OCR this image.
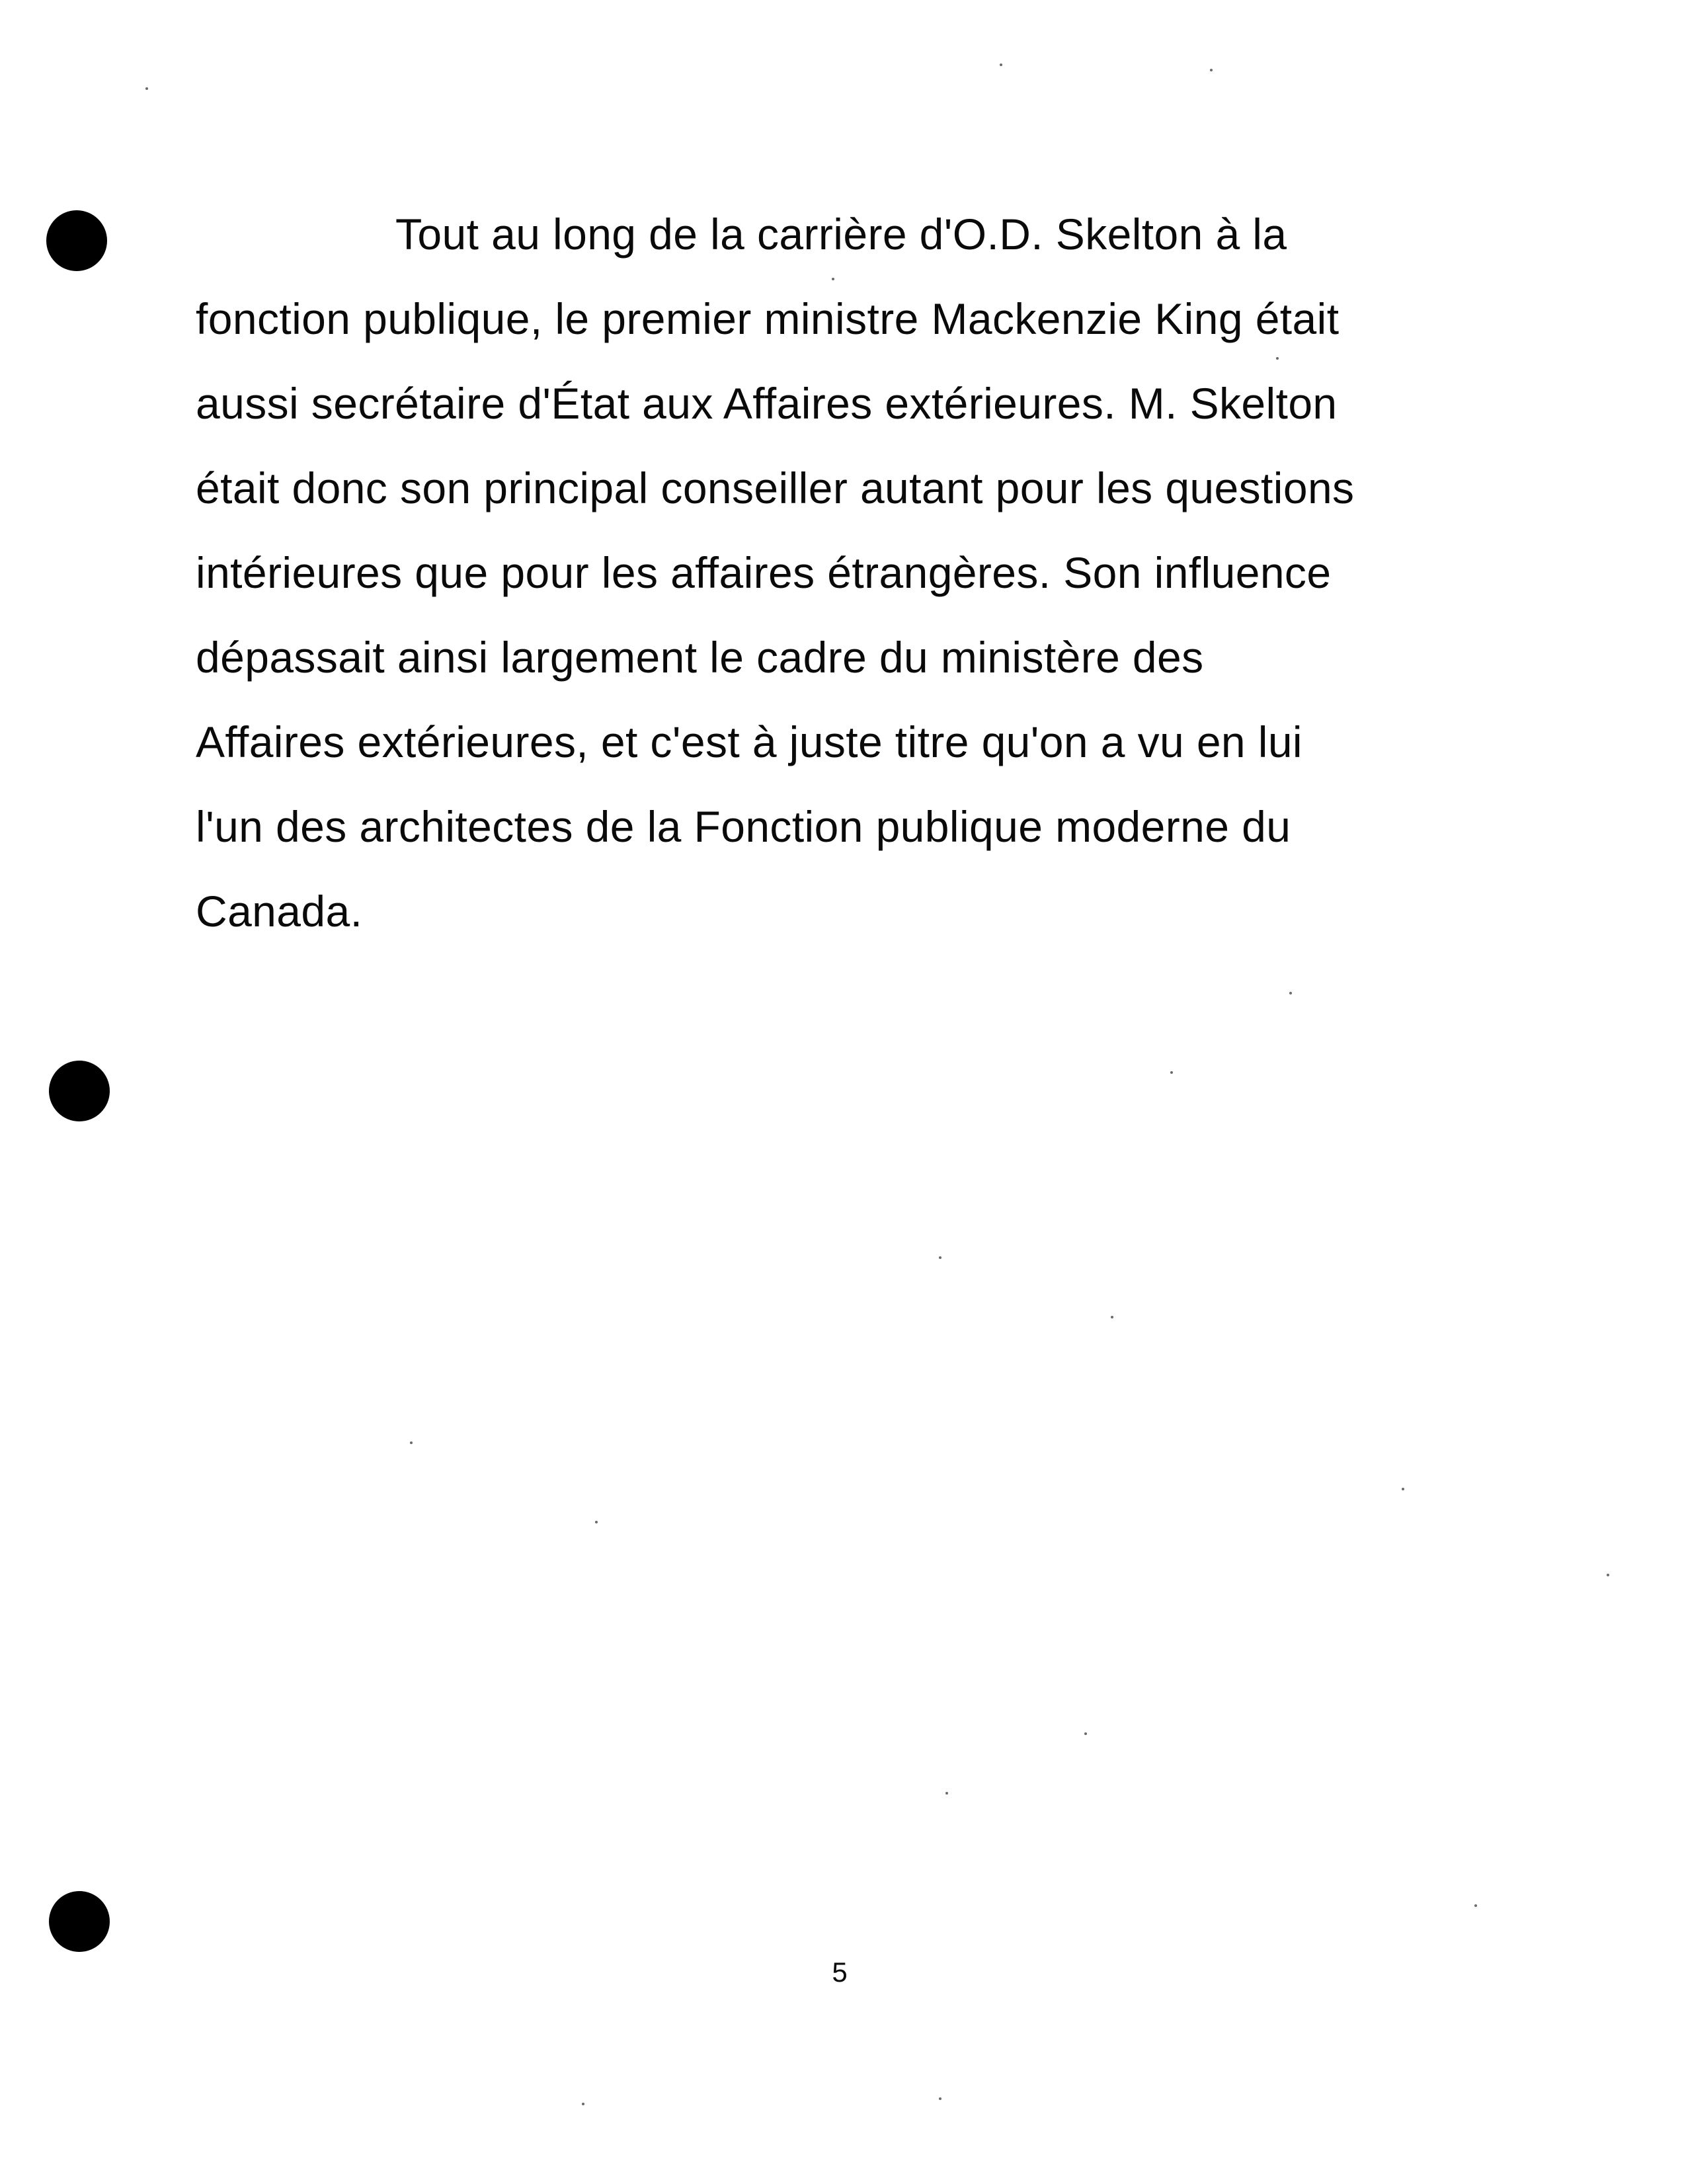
Tout au long de la carrière d'O.D. Skelton à la
fonction publique, le premier ministre Mackenzie King était
aussi secrétaire d'État aux Affaires extérieures. M. Skelton
était donc son principal conseiller autant pour les questions
intérieures que pour les affaires étrangères. Son influence
dépassait ainsi largement le cadre du ministère des
Affaires extérieures, et c'est à juste titre qu'on a vu en lui
l'un des architectes de la Fonction publique moderne du
Canada.
5
